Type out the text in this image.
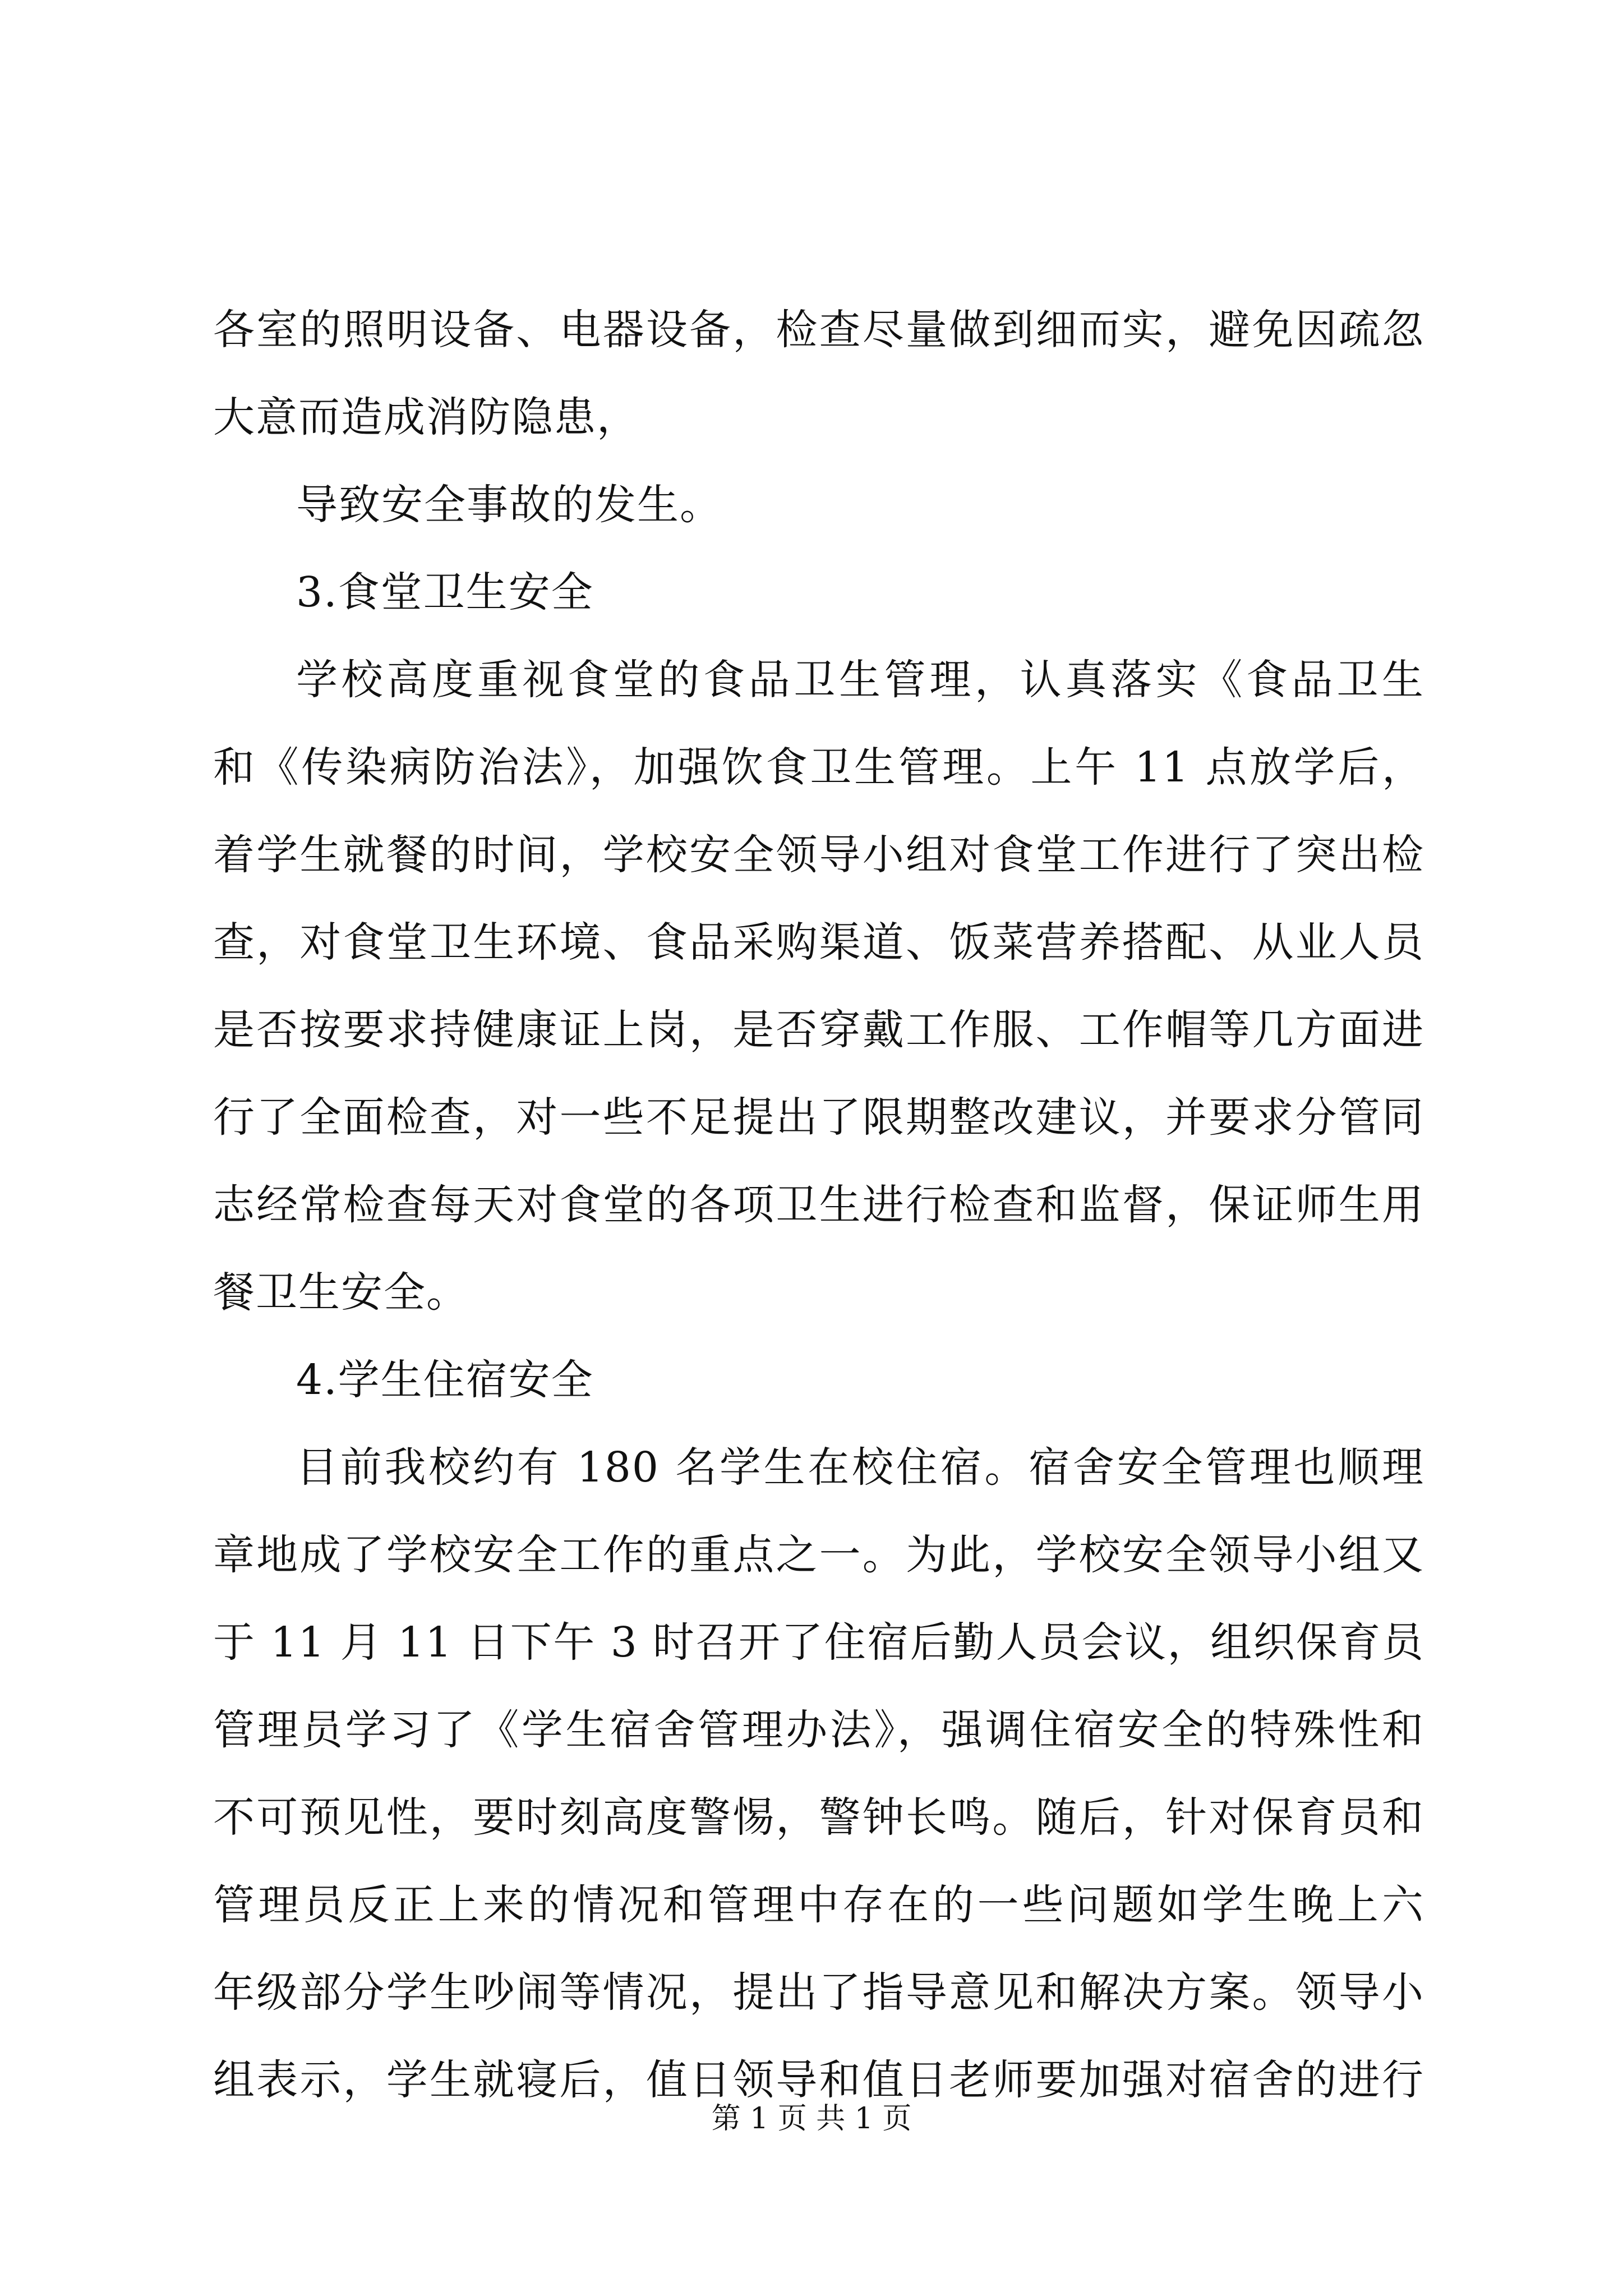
各室的照明设备、电器设备，检查尽量做到细而实，避免因疏忽
大意而造成消防隐患，
导致安全事故的发生。
3.食堂卫生安全
学校高度重视食堂的食品卫生管理，认真落实《食品卫生
和《传染病防治法》，加强饮食卫生管理。上午 11 点放学后，
着学生就餐的时间，学校安全领导小组对食堂工作进行了突出检
查，对食堂卫生环境、食品采购渠道、饭菜营养搭配、从业人员
是否按要求持健康证上岗，是否穿戴工作服、工作帽等几方面进
行了全面检查，对一些不足提出了限期整改建议，并要求分管同
志经常检查每天对食堂的各项卫生进行检查和监督，保证师生用
餐卫生安全。
4.学生住宿安全
目前我校约有 180 名学生在校住宿。宿舍安全管理也顺理
章地成了学校安全工作的重点之一。为此，学校安全领导小组又
于 11 月 11 日下午 3 时召开了住宿后勤人员会议，组织保育员
管理员学习了《学生宿舍管理办法》，强调住宿安全的特殊性和
不可预见性，要时刻高度警惕，警钟长鸣。随后，针对保育员和
管理员反正上来的情况和管理中存在的一些问题如学生晚上六
年级部分学生吵闹等情况，提出了指导意见和解决方案。领导小
组表示，学生就寝后，值日领导和值日老师要加强对宿舍的进行
第 1 页 共 1 页
